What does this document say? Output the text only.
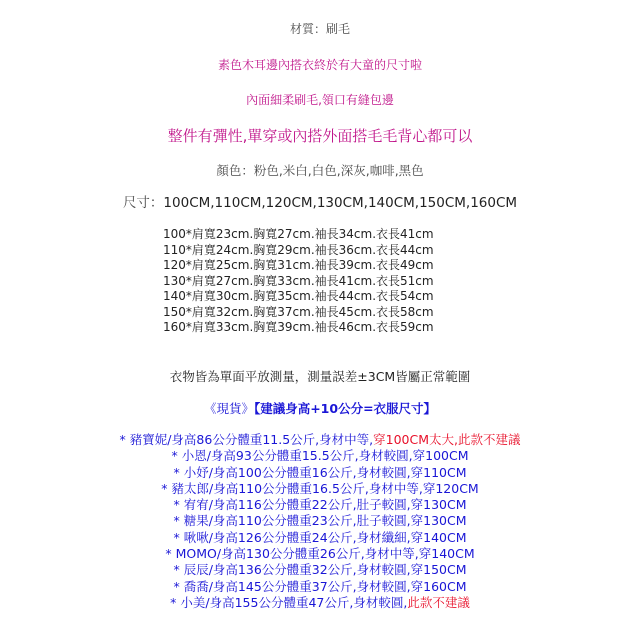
材質：刷毛
素色木耳邊內搭衣終於有大童的尺寸啦
內面細柔刷毛,領口有縫包邊
整件有彈性,單穿或內搭外面搭毛毛背心都可以
顏色：粉色,米白,白色,深灰,咖啡,黑色
尺寸：100CM,110CM,120CM,130CM,140CM,150CM,160CM
100*肩寬23cm.胸寬27cm.袖長34cm.衣長41cm
110*肩寬24cm.胸寬29cm.袖長36cm.衣長44cm
120*肩寬25cm.胸寬31cm.袖長39cm.衣長49cm
130*肩寬27cm.胸寬33cm.袖長41cm.衣長51cm
140*肩寬30cm.胸寬35cm.袖長44cm.衣長54cm
150*肩寬32cm.胸寬37cm.袖長45cm.衣長58cm
160*肩寬33cm.胸寬39cm.袖長46cm.衣長59cm
衣物皆為單面平放測量，測量誤差±3CM皆屬正常範圍
《現貨》【建議身高+10公分=衣服尺寸】
* 豬寶妮/身高86公分體重11.5公斤,身材中等,穿100CM太大,此款不建議
* 小恩/身高93公分體重15.5公斤,身材較圓,穿100CM
* 小妤/身高100公分體重16公斤,身材較圓,穿110CM
* 豬太郎/身高110公分體重16.5公斤,身材中等,穿120CM
* 宥宥/身高116公分體重22公斤,肚子較圓,穿130CM
* 糖果/身高110公分體重23公斤,肚子較圓,穿130CM
* 啾啾/身高126公分體重24公斤,身材纖細,穿140CM
* MOMO/身高130公分體重26公斤,身材中等,穿140CM
* 辰辰/身高136公分體重32公斤,身材較圓,穿150CM
* 喬喬/身高145公分體重37公斤,身材較圓,穿160CM
* 小美/身高155公分體重47公斤,身材較圓,此款不建議
